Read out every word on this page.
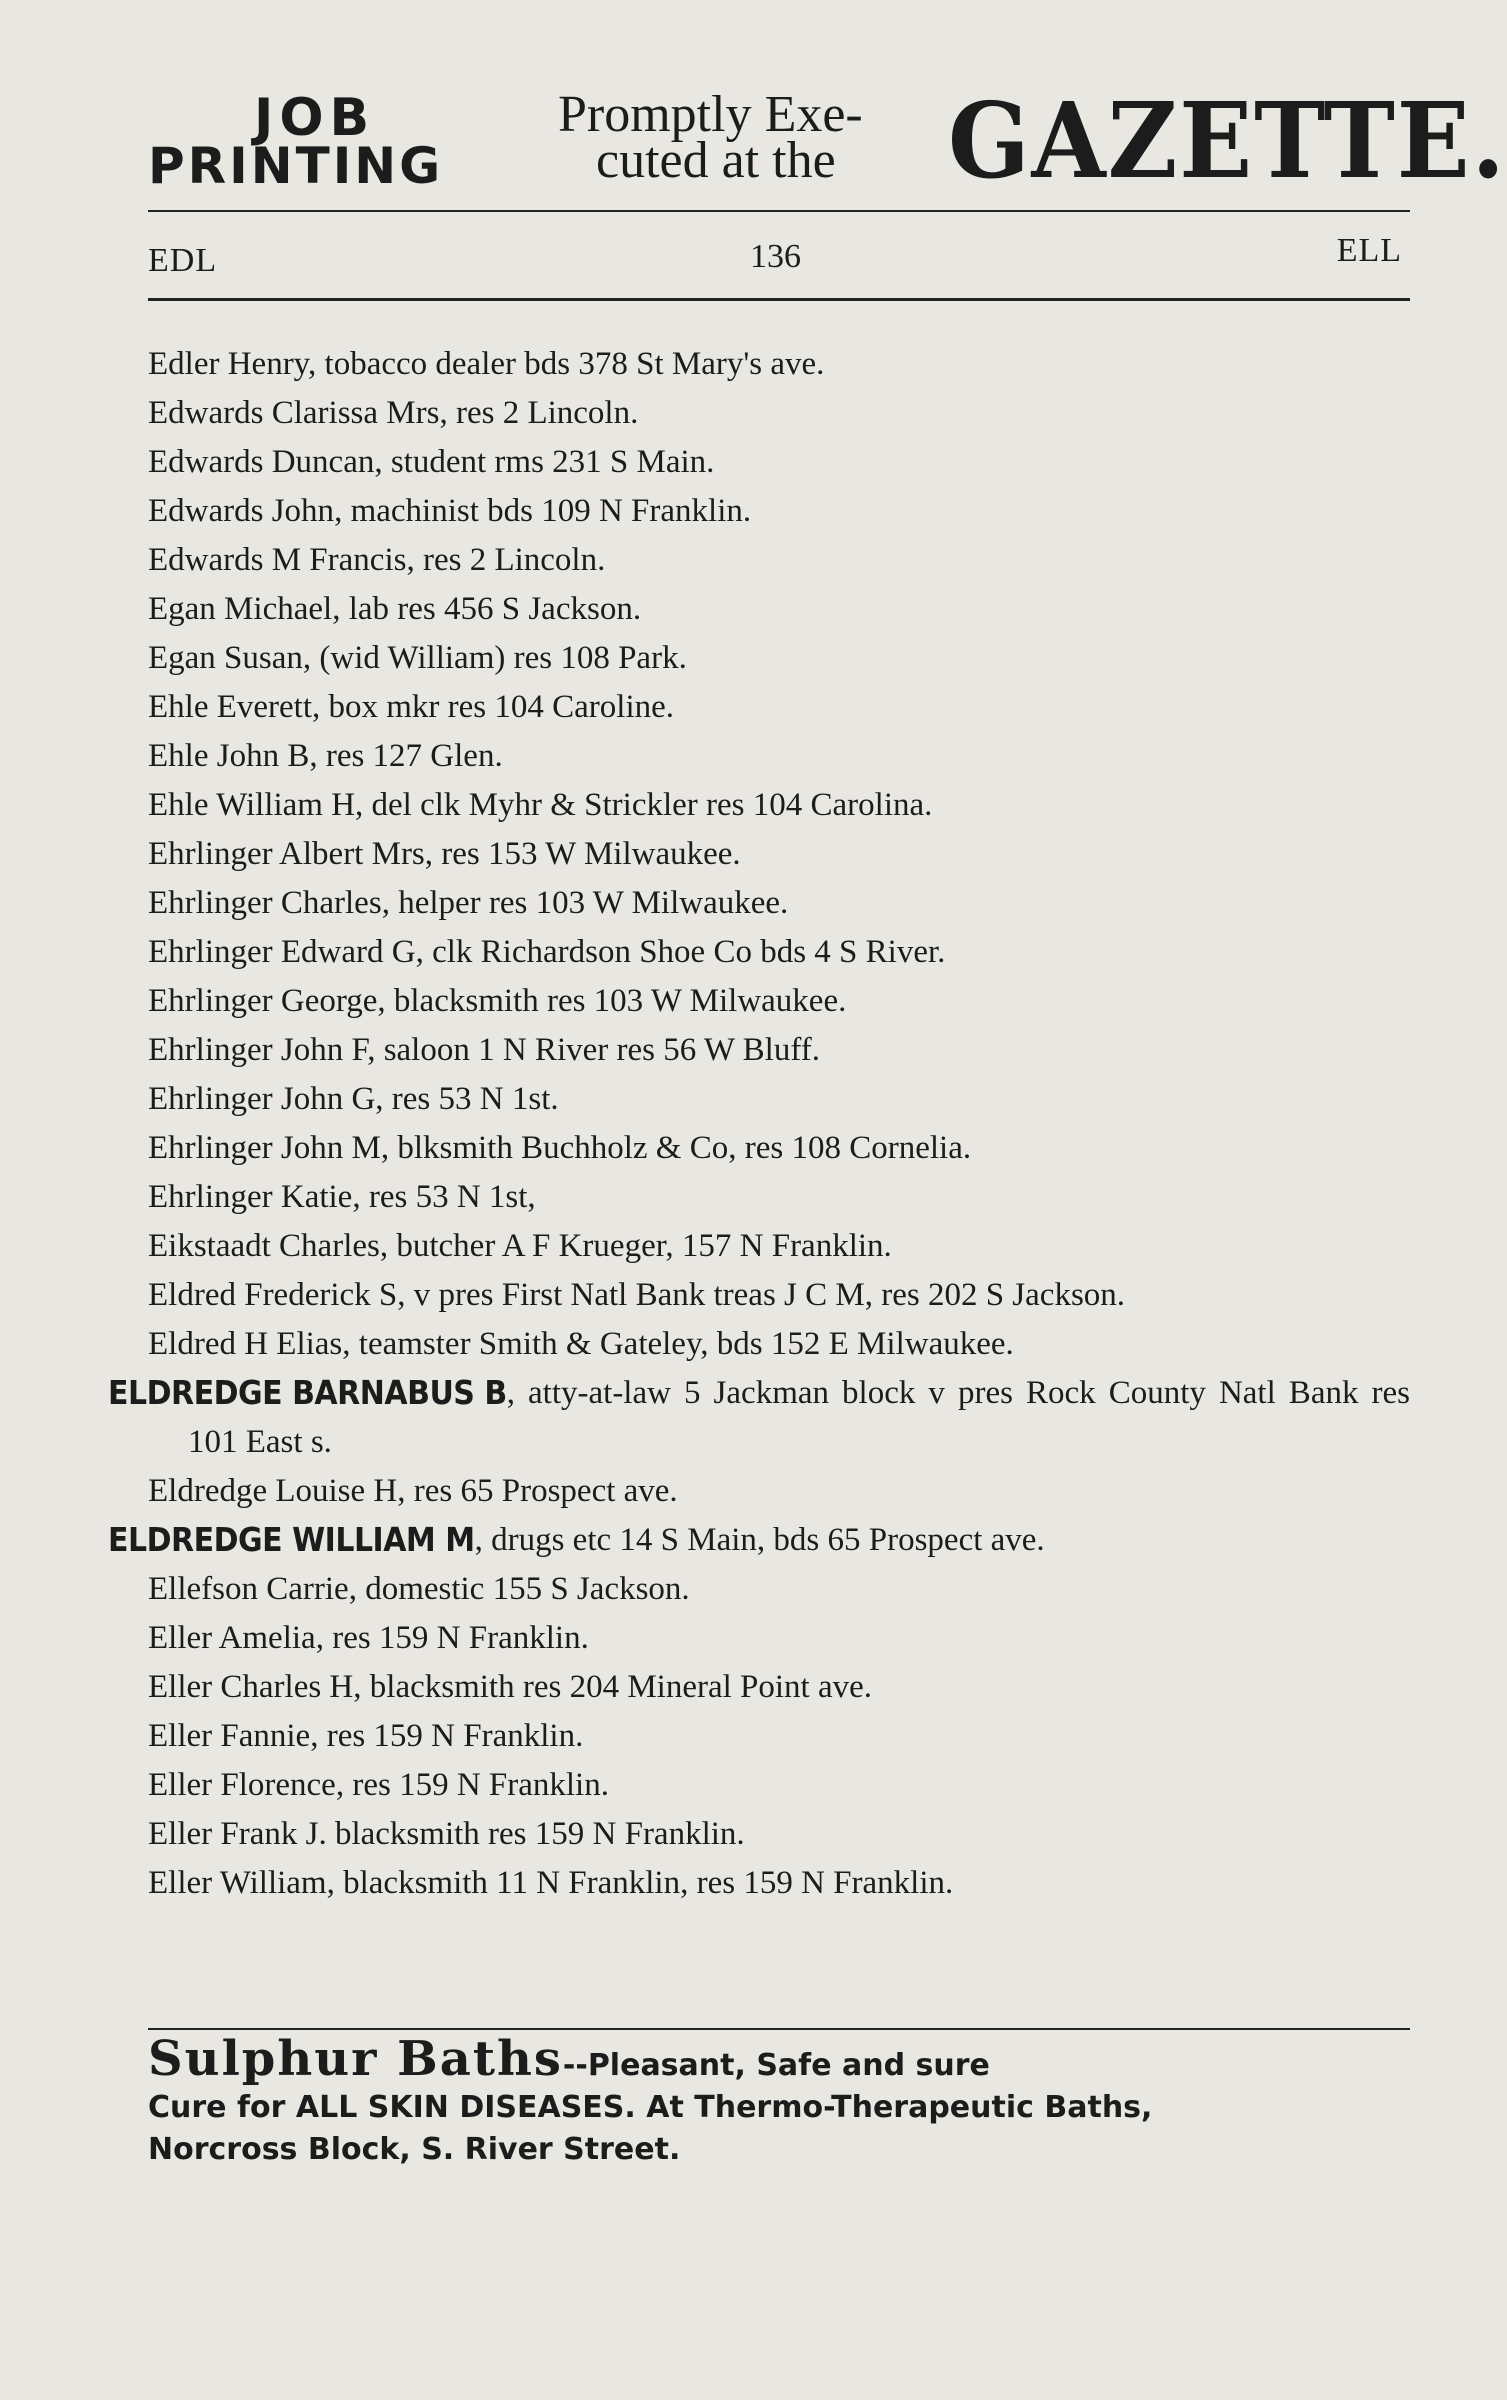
JOB
PRINTING
Promptly Exe-
cuted at the	GAZETTE.
EDL	136	ELL
Edler Henry, tobacco dealer bds 378 St Mary's ave.
Edwards Clarissa Mrs, res 2 Lincoln.
Edwards Duncan, student rms 231 S Main.
Edwards John, machinist bds 109 N Franklin.
Edwards M Francis, res 2 Lincoln.
Egan Michael, lab res 456 S Jackson.
Egan Susan, (wid William) res 108 Park.
Ehle Everett, box mkr res 104 Caroline.
Ehle John B, res 127 Glen.
Ehle William H, del clk Myhr & Strickler res 104 Carolina.
Ehrlinger Albert Mrs, res 153 W Milwaukee.
Ehrlinger Charles, helper res 103 W Milwaukee.
Ehrlinger Edward G, clk Richardson Shoe Co bds 4 S River.
Ehrlinger George, blacksmith res 103 W Milwaukee.
Ehrlinger John F, saloon 1 N River res 56 W Bluff.
Ehrlinger John G, res 53 N 1st.
Ehrlinger John M, blksmith Buchholz & Co, res 108 Cornelia.
Ehrlinger Katie, res 53 N 1st,
Eikstaadt Charles, butcher A F Krueger, 157 N Franklin.
Eldred Frederick S, v pres First Natl Bank treas J C M, res 202 S Jackson.
Eldred H Elias, teamster Smith & Gateley, bds 152 E Milwaukee.
ELDREDGE BARNABUS B, atty-at-law 5 Jackman block v pres Rock County Natl Bank res 101 East s.
Eldredge Louise H, res 65 Prospect ave.
ELDREDGE WILLIAM M, drugs etc 14 S Main, bds 65 Prospect ave.
Ellefson Carrie, domestic 155 S Jackson.
Eller Amelia, res 159 N Franklin.
Eller Charles H, blacksmith res 204 Mineral Point ave.
Eller Fannie, res 159 N Franklin.
Eller Florence, res 159 N Franklin.
Eller Frank J. blacksmith res 159 N Franklin.
Eller William, blacksmith 11 N Franklin, res 159 N Franklin.
Sulphur Baths--Pleasant, Safe and sure
Cure for ALL SKIN DISEASES. At Thermo-Therapeutic Baths,
Norcross Block, S. River Street.
